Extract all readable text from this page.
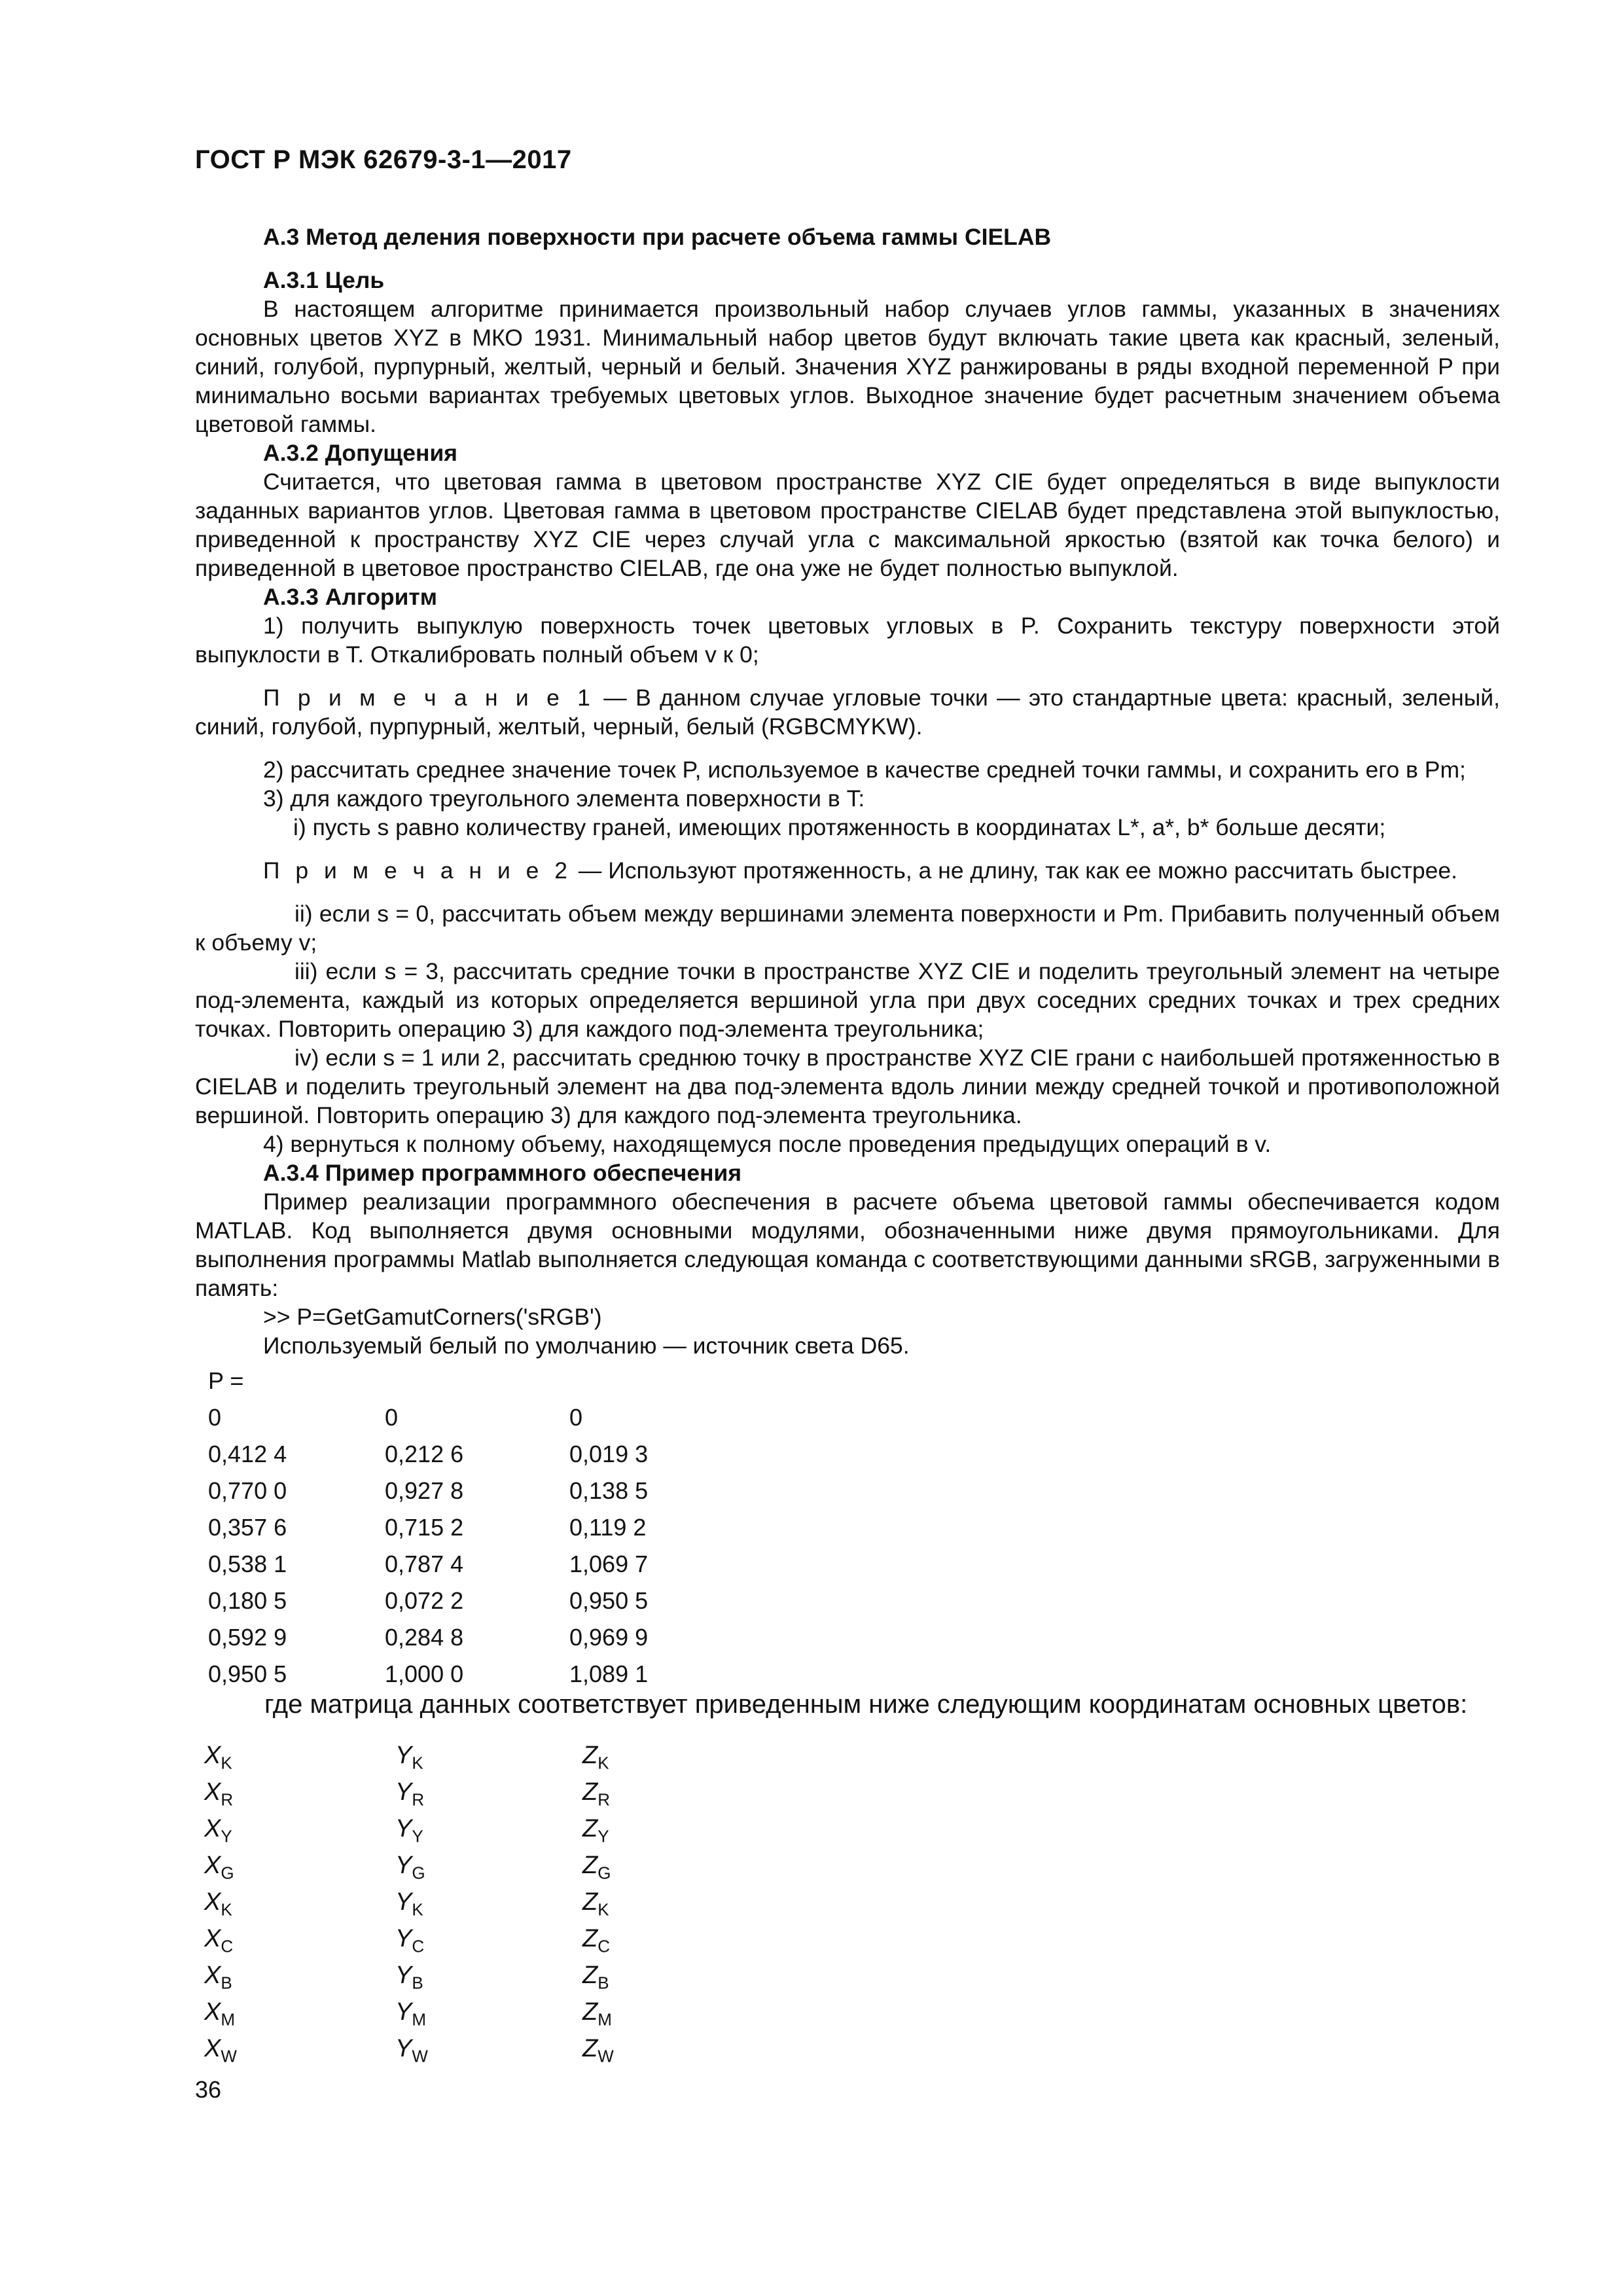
ГОСТ Р МЭК 62679-3-1—2017

А.3 Метод деления поверхности при расчете объема гаммы CIELAB

А.3.1 Цель

В настоящем алгоритме принимается произвольный набор случаев углов гаммы, указанных в значениях основных цветов XYZ в МКО 1931. Минимальный набор цветов будут включать такие цвета как красный, зеленый, синий, голубой, пурпурный, желтый, черный и белый. Значения XYZ ранжированы в ряды входной переменной P при минимально восьми вариантах требуемых цветовых углов. Выходное значение будет расчетным значением объема цветовой гаммы.

А.3.2 Допущения

Считается, что цветовая гамма в цветовом пространстве XYZ CIE будет определяться в виде выпуклости заданных вариантов углов. Цветовая гамма в цветовом пространстве CIELAB будет представлена этой выпуклостью, приведенной к пространству XYZ CIE через случай угла с максимальной яркостью (взятой как точка белого) и приведенной в цветовое пространство CIELAB, где она уже не будет полностью выпуклой.

А.3.3 Алгоритм

1) получить выпуклую поверхность точек цветовых угловых в P. Сохранить текстуру поверхности этой выпуклости в T. Откалибровать полный объем v к 0;

П р и м е ч а н и е 1 — В данном случае угловые точки — это стандартные цвета: красный, зеленый, синий, голубой, пурпурный, желтый, черный, белый (RGBCMYKW).

2) рассчитать среднее значение точек P, используемое в качестве средней точки гаммы, и сохранить его в Pm;

3) для каждого треугольного элемента поверхности в T:

i) пусть s равно количеству граней, имеющих протяженность в координатах L*, a*, b* больше десяти;

П р и м е ч а н и е 2 — Используют протяженность, а не длину, так как ее можно рассчитать быстрее.

ii) если s = 0, рассчитать объем между вершинами элемента поверхности и Pm. Прибавить полученный объем к объему v;

iii) если s = 3, рассчитать средние точки в пространстве XYZ CIE и поделить треугольный элемент на четыре под-элемента, каждый из которых определяется вершиной угла при двух соседних средних точках и трех средних точках. Повторить операцию 3) для каждого под-элемента треугольника;

iv) если s = 1 или 2, рассчитать среднюю точку в пространстве XYZ CIE грани с наибольшей протяженностью в CIELAB и поделить треугольный элемент на два под-элемента вдоль линии между средней точкой и противоположной вершиной. Повторить операцию 3) для каждого под-элемента треугольника.

4) вернуться к полному объему, находящемуся после проведения предыдущих операций в v.

А.3.4 Пример программного обеспечения

Пример реализации программного обеспечения в расчете объема цветовой гаммы обеспечивается кодом MATLAB. Код выполняется двумя основными модулями, обозначенными ниже двумя прямоугольниками. Для выполнения программы Matlab выполняется следующая команда с соответствующими данными sRGB, загруженными в память:

>> P=GetGamutCorners('sRGB')

Используемый белый по умолчанию — источник света D65.

P =
0	0	0
0,412 4	0,212 6	0,019 3
0,770 0	0,927 8	0,138 5
0,357 6	0,715 2	0,119 2
0,538 1	0,787 4	1,069 7
0,180 5	0,072 2	0,950 5
0,592 9	0,284 8	0,969 9
0,950 5	1,000 0	1,089 1
где матрица данных соответствует приведенным ниже следующим координатам основных цветов:
$X_K$	$Y_K$	$Z_K$
$X_R$	$Y_R$	$Z_R$
$X_Y$	$Y_Y$	$Z_Y$
$X_G$	$Y_G$	$Z_G$
$X_K$	$Y_K$	$Z_K$
$X_C$	$Y_C$	$Z_C$
$X_B$	$Y_B$	$Z_B$
$X_M$	$Y_M$	$Z_M$
$X_W$	$Y_W$	$Z_W$
36
